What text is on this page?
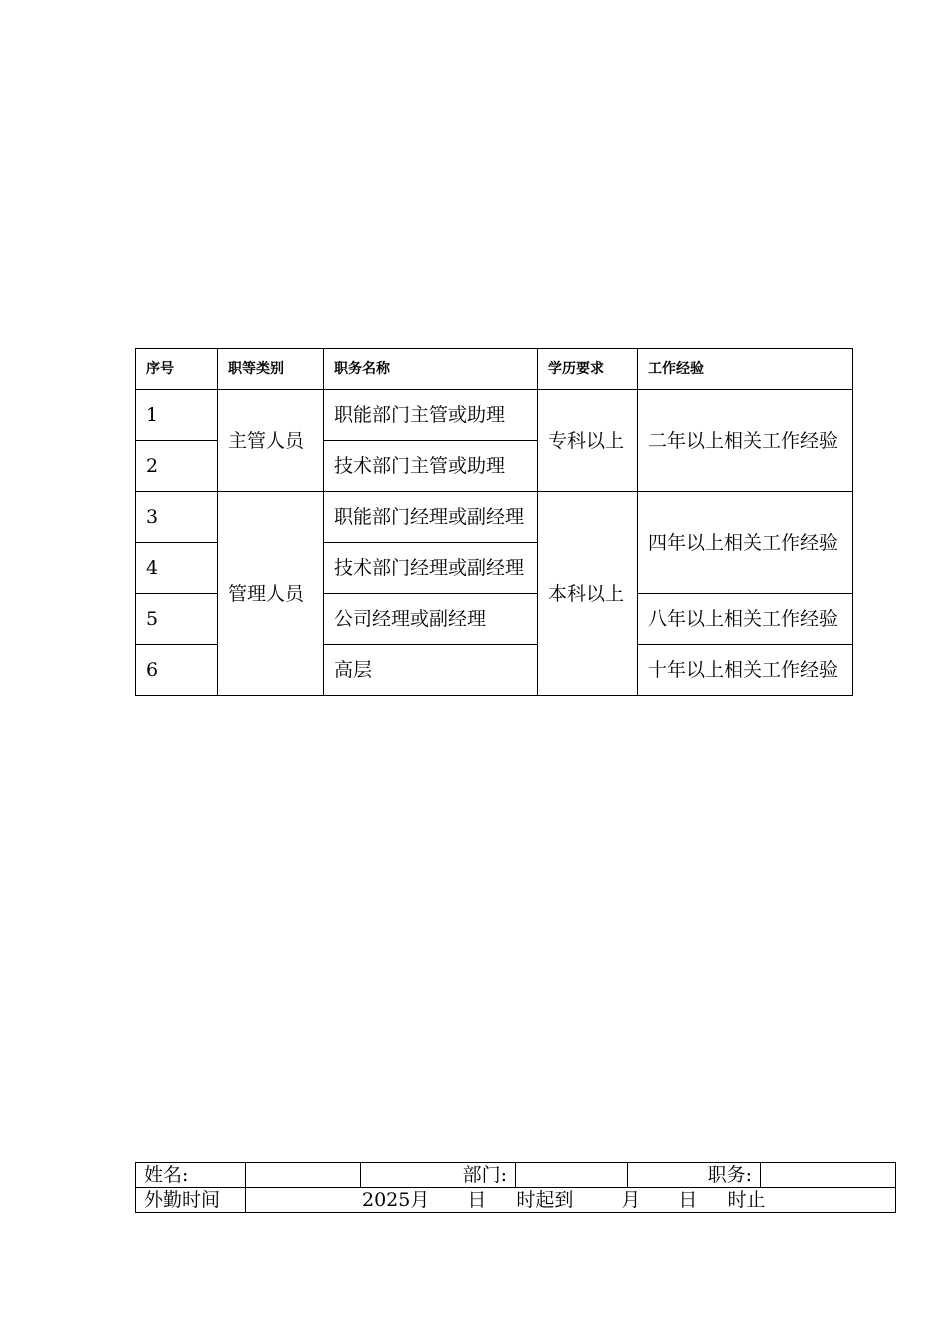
序号	职等类别	职务名称	学历要求	工作经验
1	主管人员	职能部门主管或助理	专科以上	二年以上相关工作经验
2		技术部门主管或助理		
3	管理人员	职能部门经理或副经理	本科以上	四年以上相关工作经验
4		技术部门经理或副经理		
5		公司经理或副经理		八年以上相关工作经验
6		高层		十年以上相关工作经验
姓名:		部门:		职务:	
外勤时间	2025月 日 时起到 月 日 时止				
